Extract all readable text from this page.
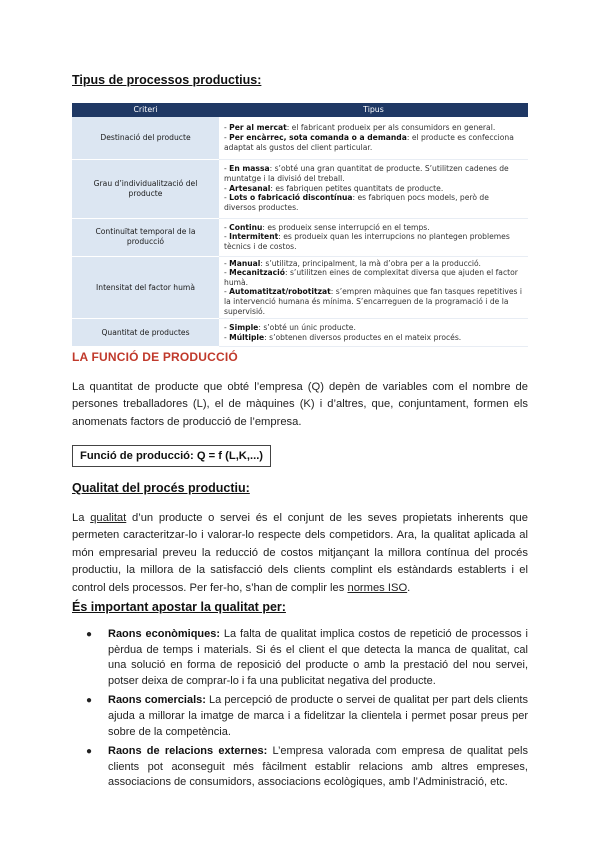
Tipus de processos productius:
Criteri	Tipus
Destinació del producte	- Per al mercat: el fabricant produeix per als consumidors en general.
- Per encàrrec, sota comanda o a demanda: el producte es confecciona adaptat als gustos del client particular.

Grau d’individualització del producte	- En massa: s’obté una gran quantitat de producte. S’utilitzen cadenes de muntatge i la divisió del treball.
- Artesanal: es fabriquen petites quantitats de producte.
- Lots o fabricació discontínua: es fabriquen pocs models, però de diversos productes.

Continuïtat temporal de la producció	- Continu: es produeix sense interrupció en el temps.
- Intermitent: es produeix quan les interrupcions no plantegen problemes tècnics i de costos.

Intensitat del factor humà	- Manual: s’utilitza, principalment, la mà d’obra per a la producció.
- Mecanització: s’utilitzen eines de complexitat diversa que ajuden el factor humà.
- Automatitzat/robotitzat: s’empren màquines que fan tasques repetitives i la intervenció humana és mínima. S’encarreguen de la programació i de la supervisió.

Quantitat de productes	- Simple: s’obté un únic producte.
- Múltiple: s’obtenen diversos productes en el mateix procés.
LA FUNCIÓ DE PRODUCCIÓ
La quantitat de producte que obté l’empresa (Q) depèn de variables com el nombre de persones treballadores (L), el de màquines (K) i d’altres, que, conjuntament, formen els anomenats factors de producció de l’empresa.
Funció de producció: Q = f (L,K,...)
Qualitat del procés productiu:
La qualitat d’un producte o servei és el conjunt de les seves propietats inherents que permeten caracteritzar-lo i valorar-lo respecte dels competidors. Ara, la qualitat aplicada al món empresarial preveu la reducció de costos mitjançant la millora contínua del procés productiu, la millora de la satisfacció dels clients complint els estàndards establerts i el control dels processos. Per fer-ho, s’han de complir les normes ISO.
És important apostar la qualitat per:
● Raons econòmiques: La falta de qualitat implica costos de repetició de processos i pèrdua de temps i materials. Si és el client el que detecta la manca de qualitat, cal una solució en forma de reposició del producte o amb la prestació del nou servei, potser deixa de comprar-lo i fa una publicitat negativa del producte.
● Raons comercials: La percepció de producte o servei de qualitat per part dels clients ajuda a millorar la imatge de marca i a fidelitzar la clientela i permet posar preus per sobre de la competència.
● Raons de relacions externes: L’empresa valorada com empresa de qualitat pels clients pot aconseguit més fàcilment establir relacions amb altres empreses, associacions de consumidors, associacions ecològiques, amb l’Administració, etc.
